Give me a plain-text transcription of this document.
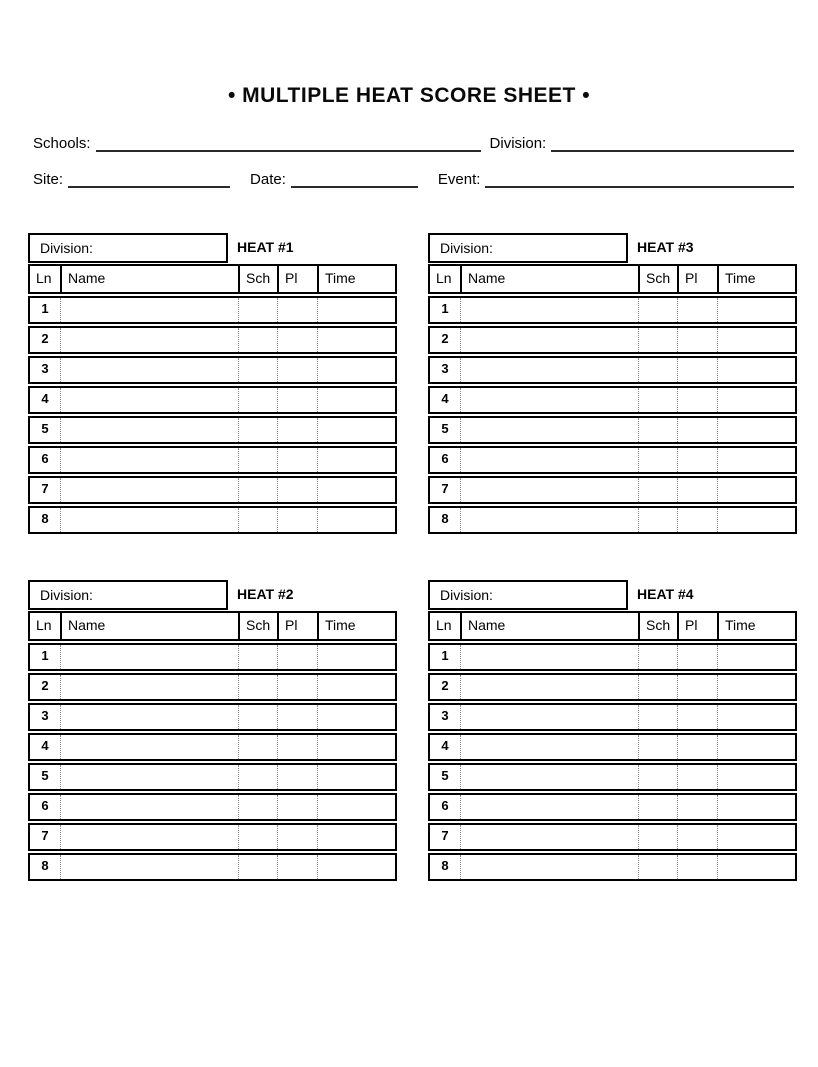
• MULTIPLE HEAT SCORE SHEET •
Schools:	Division:
Site:	Date:	Event:
Division:	HEAT #1
Ln	Name	Sch	Pl	Time
1
2
3
4
5
6
7
8
Division:	HEAT #3
Ln	Name	Sch	Pl	Time
1
2
3
4
5
6
7
8
Division:	HEAT #2
Ln	Name	Sch	Pl	Time
1
2
3
4
5
6
7
8
Division:	HEAT #4
Ln	Name	Sch	Pl	Time
1
2
3
4
5
6
7
8
